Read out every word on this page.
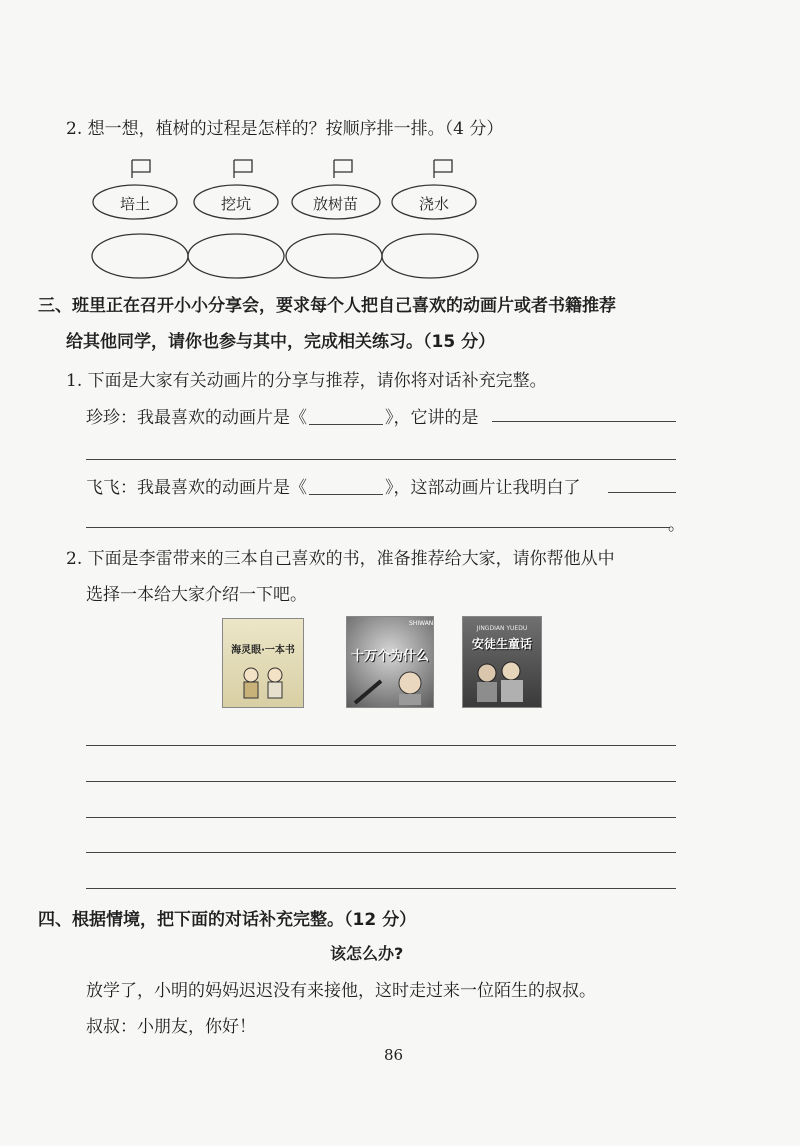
2. 想一想，植树的过程是怎样的？按顺序排一排。（4 分）
培土	挖坑	放树苗	浇水
三、班里正在召开小小分享会，要求每个人把自己喜欢的动画片或者书籍推荐
给其他同学，请你也参与其中，完成相关练习。（15 分）
1. 下面是大家有关动画片的分享与推荐，请你将对话补充完整。
珍珍：我最喜欢的动画片是《	》，它讲的是
飞飞：我最喜欢的动画片是《	》，这部动画片让我明白了
。
2. 下面是李雷带来的三本自己喜欢的书，准备推荐给大家，请你帮他从中
选择一本给大家介绍一下吧。
海灵眼·一本书
SHIWAN
十万个为什么
JINGDIAN YUEDU
安徒生童话
四、根据情境，把下面的对话补充完整。（12 分）
该怎么办?
放学了，小明的妈妈迟迟没有来接他，这时走过来一位陌生的叔叔。
叔叔：小朋友，你好！
86
